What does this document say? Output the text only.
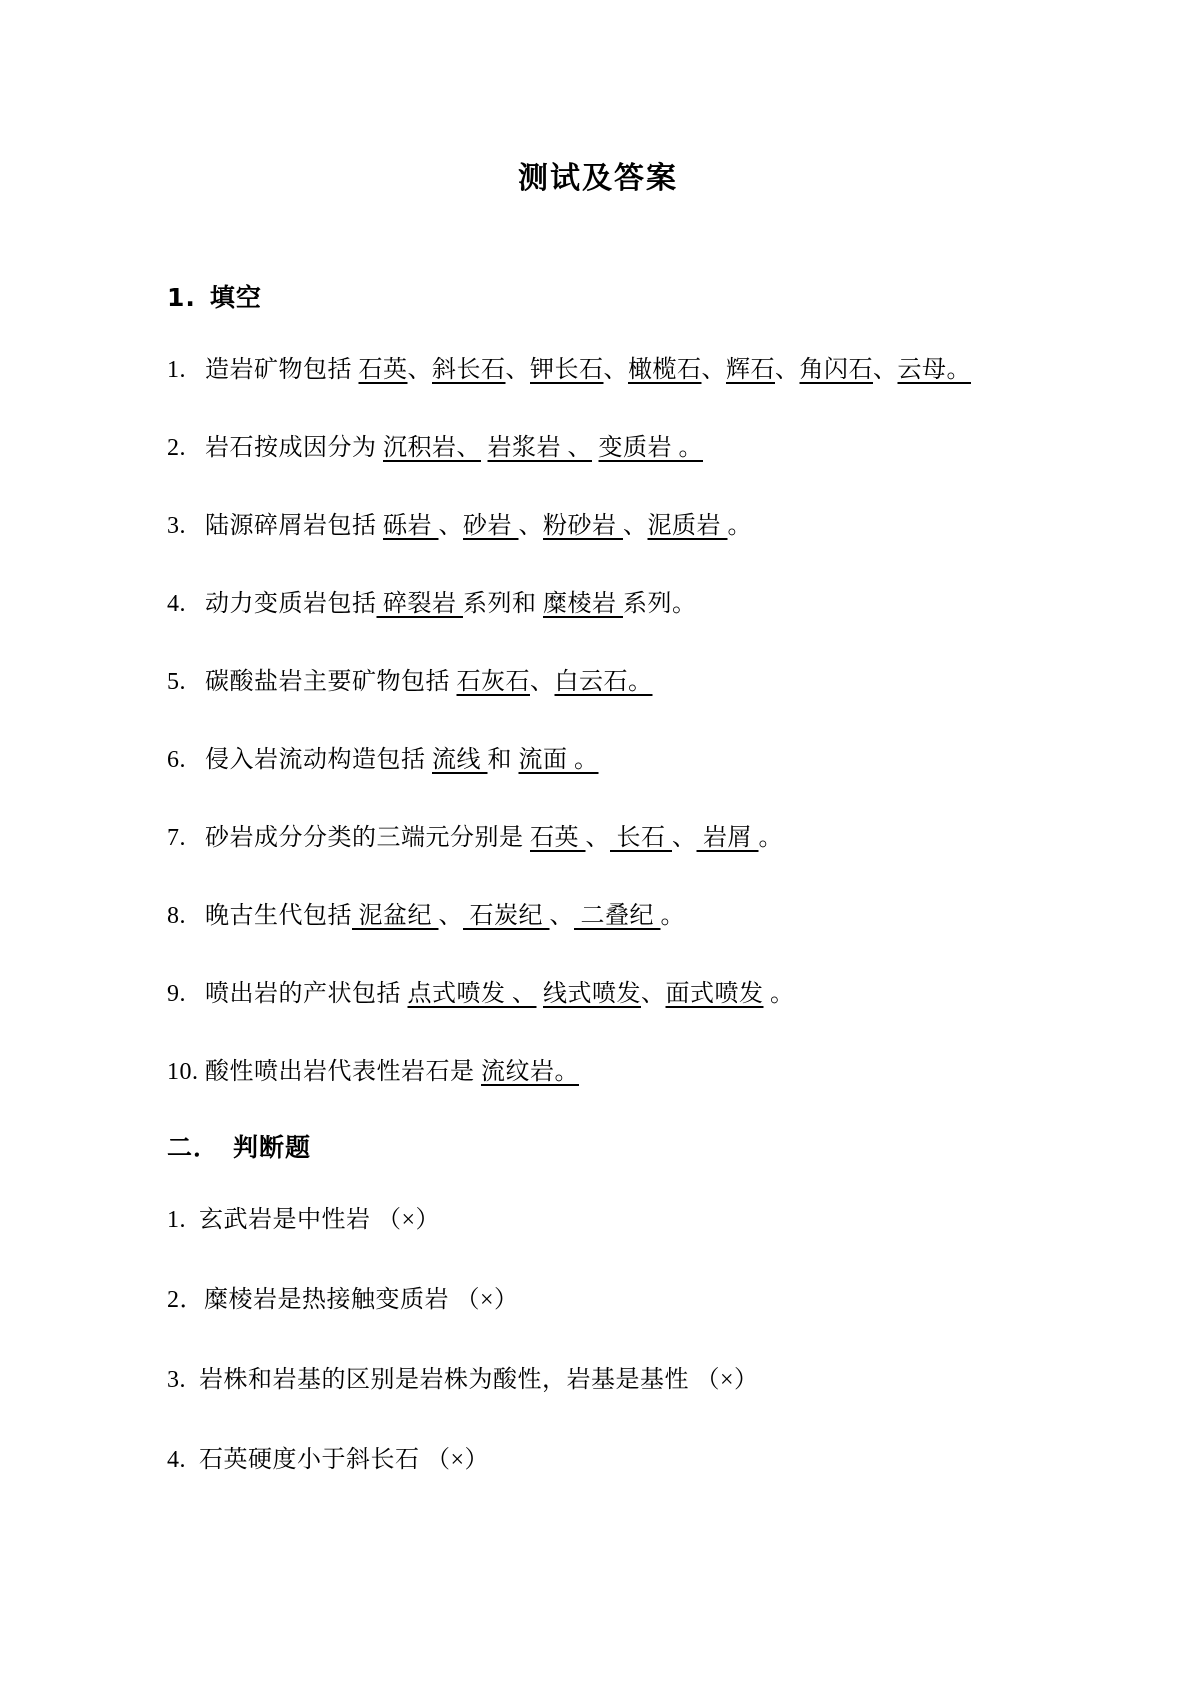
测试及答案
1. 填空
1. 造岩矿物包括 石英、斜长石、钾长石、橄榄石、辉石、角闪石、云母。
2. 岩石按成因分为 沉积岩、 岩浆岩 、 变质岩 。
3. 陆源碎屑岩包括 砾岩 、砂岩 、粉砂岩 、泥质岩 。
4. 动力变质岩包括 碎裂岩 系列和 糜棱岩 系列。
5. 碳酸盐岩主要矿物包括 石灰石、白云石。
6. 侵入岩流动构造包括 流线 和 流面 。
7. 砂岩成分分类的三端元分别是 石英 、 长石 、 岩屑 。
8. 晚古生代包括 泥盆纪 、 石炭纪 、 二叠纪 。
9. 喷出岩的产状包括 点式喷发 、 线式喷发、面式喷发 。
10. 酸性喷出岩代表性岩石是 流纹岩。
二． 判断题
1. 玄武岩是中性岩 （×）
2． 糜棱岩是热接触变质岩 （×）
3. 岩株和岩基的区别是岩株为酸性，岩基是基性 （×）
4. 石英硬度小于斜长石 （×）
